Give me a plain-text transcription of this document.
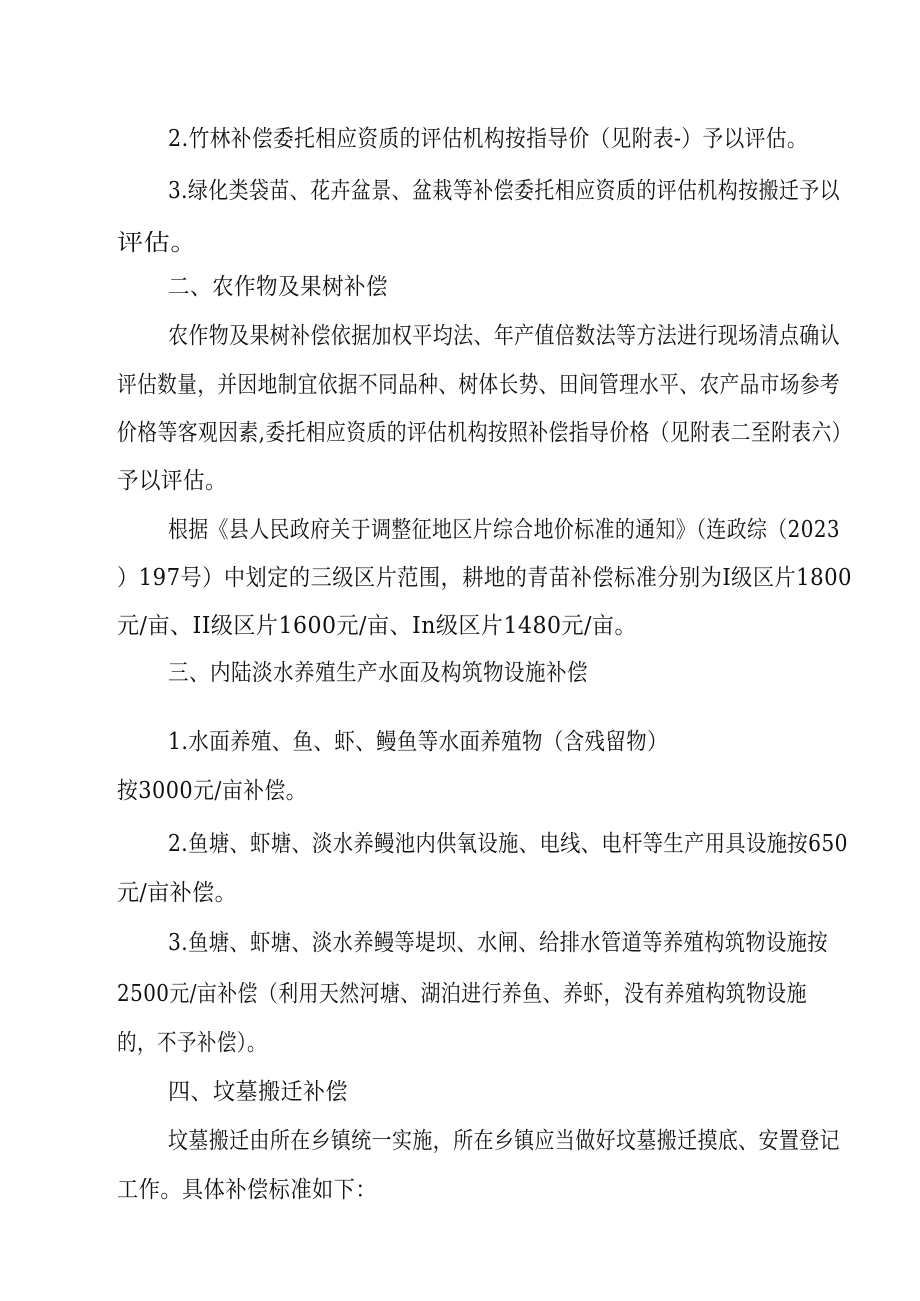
2.竹林补偿委托相应资质的评估机构按指导价（见附表-）予以评估。
3.绿化类袋苗、花卉盆景、盆栽等补偿委托相应资质的评估机构按搬迁予以
评估。
二、农作物及果树补偿
农作物及果树补偿依据加权平均法、年产值倍数法等方法进行现场清点确认
评估数量，并因地制宜依据不同品种、树体长势、田间管理水平、农产品市场参考
价格等客观因素,委托相应资质的评估机构按照补偿指导价格（见附表二至附表六）
予以评估。
根据《县人民政府关于调整征地区片综合地价标准的通知》（连政综（2023
）197号）中划定的三级区片范围，耕地的青苗补偿标准分别为Ⅰ级区片1800
元/亩、II级区片1600元/亩、In级区片1480元/亩。
三、内陆淡水养殖生产水面及构筑物设施补偿
1.水面养殖、鱼、虾、鳗鱼等水面养殖物（含残留物）
按3000元/亩补偿。
2.鱼塘、虾塘、淡水养鳗池内供氧设施、电线、电杆等生产用具设施按650
元/亩补偿。
3.鱼塘、虾塘、淡水养鳗等堤坝、水闸、给排水管道等养殖构筑物设施按
2500元/亩补偿（利用天然河塘、湖泊进行养鱼、养虾，没有养殖构筑物设施
的，不予补偿）。
四、坟墓搬迁补偿
坟墓搬迁由所在乡镇统一实施，所在乡镇应当做好坟墓搬迁摸底、安置登记
工作。具体补偿标准如下：
